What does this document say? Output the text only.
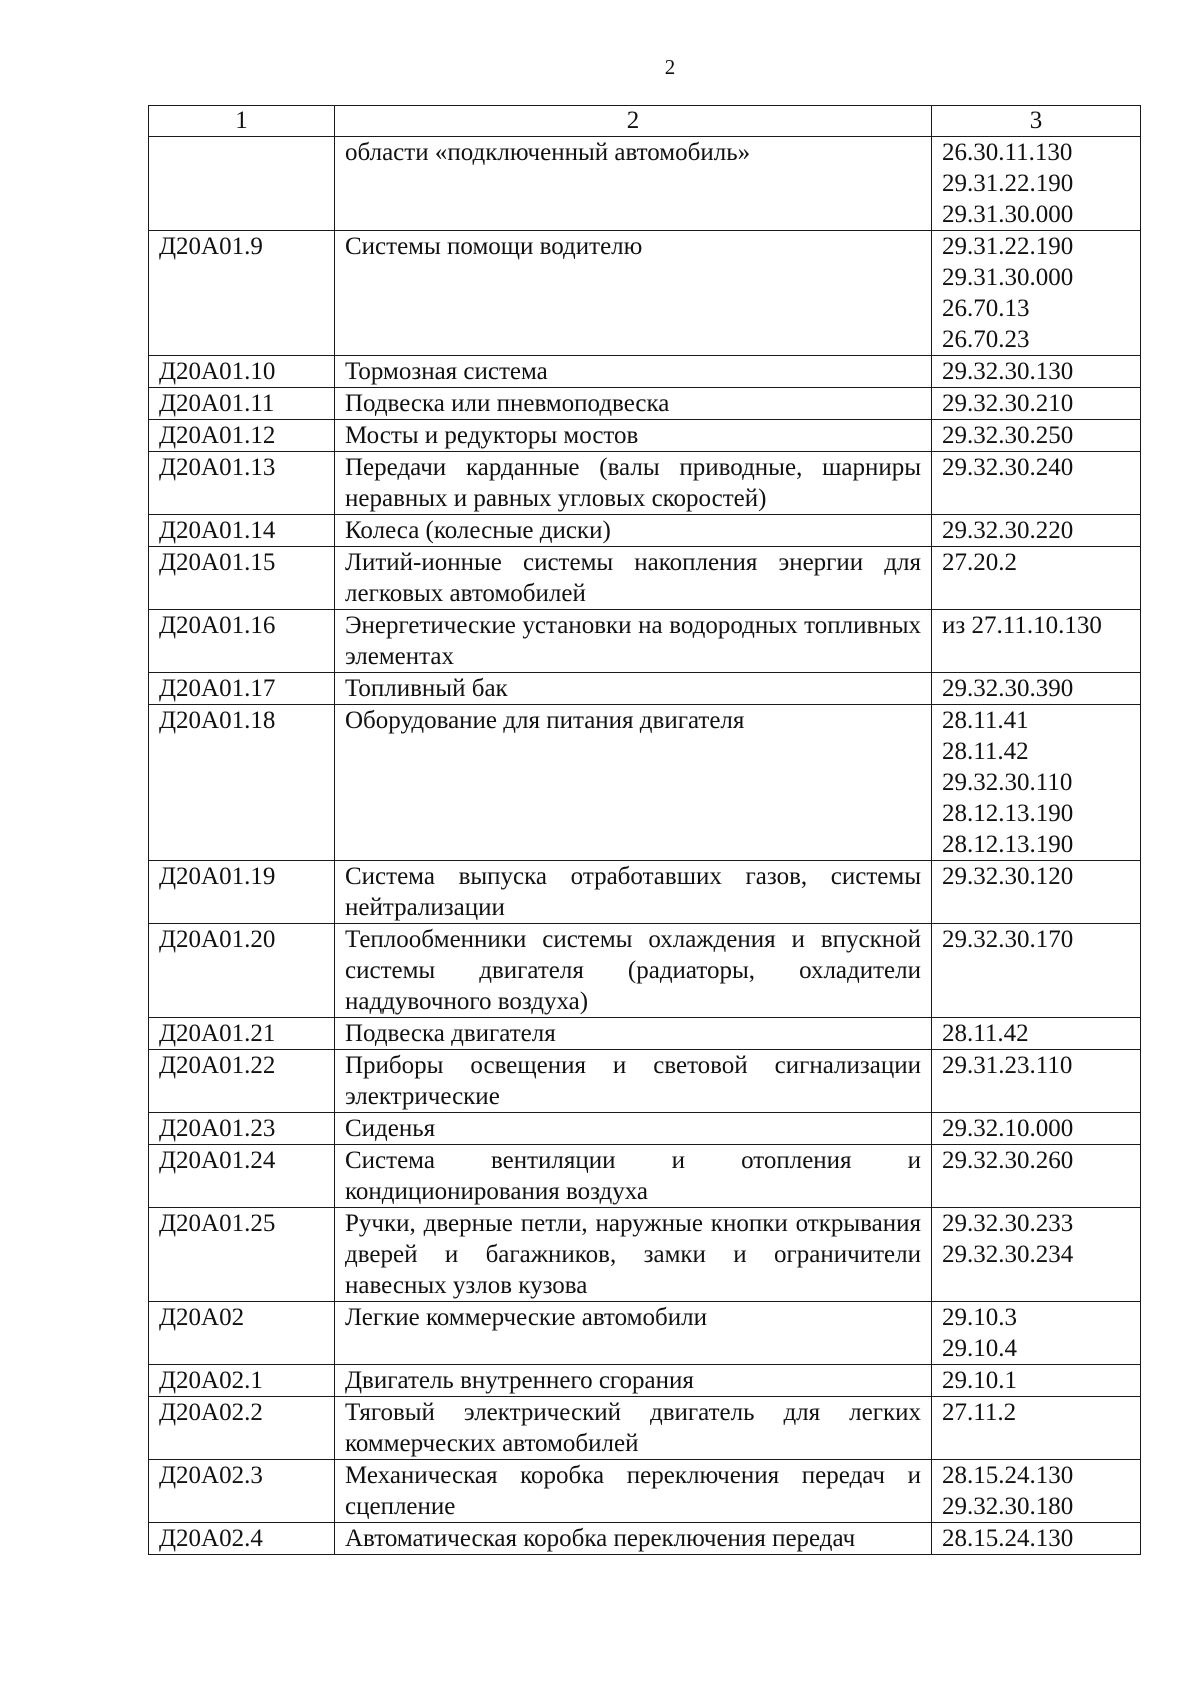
2
1	2	3
	области «подключенный автомобиль»	26.30.11.130
29.31.22.190
29.31.30.000

Д20А01.9	Системы помощи водителю	29.31.22.190
29.31.30.000
26.70.13
26.70.23

Д20А01.10	Тормозная система	29.32.30.130

Д20А01.11	Подвеска или пневмоподвеска	29.32.30.210

Д20А01.12	Мосты и редукторы мостов	29.32.30.250

Д20А01.13	Передачи карданные (валы приводные, шарниры неравных и равных угловых скоростей)	29.32.30.240

Д20А01.14	Колеса (колесные диски)	29.32.30.220

Д20А01.15	Литий-ионные системы накопления энергии для легковых автомобилей	27.20.2

Д20А01.16	Энергетические установки на водородных топливных элементах	из 27.11.10.130

Д20А01.17	Топливный бак	29.32.30.390

Д20А01.18	Оборудование для питания двигателя	28.11.41
28.11.42
29.32.30.110
28.12.13.190
28.12.13.190

Д20А01.19	Система выпуска отработавших газов, системы нейтрализации	29.32.30.120

Д20А01.20	Теплообменники системы охлаждения и впускной системы двигателя (радиаторы, охладители наддувочного воздуха)	29.32.30.170

Д20А01.21	Подвеска двигателя	28.11.42

Д20А01.22	Приборы освещения и световой сигнализации электрические	29.31.23.110

Д20А01.23	Сиденья	29.32.10.000

Д20А01.24	Система вентиляции и отопления и кондиционирования воздуха	29.32.30.260

Д20А01.25	Ручки, дверные петли, наружные кнопки открывания дверей и багажников, замки и ограничители навесных узлов кузова	29.32.30.233
29.32.30.234

Д20А02	Легкие коммерческие автомобили	29.10.3
29.10.4

Д20А02.1	Двигатель внутреннего сгорания	29.10.1

Д20А02.2	Тяговый электрический двигатель для легких коммерческих автомобилей	27.11.2

Д20А02.3	Механическая коробка переключения передач и сцепление	28.15.24.130
29.32.30.180

Д20А02.4	Автоматическая коробка переключения передач	28.15.24.130
